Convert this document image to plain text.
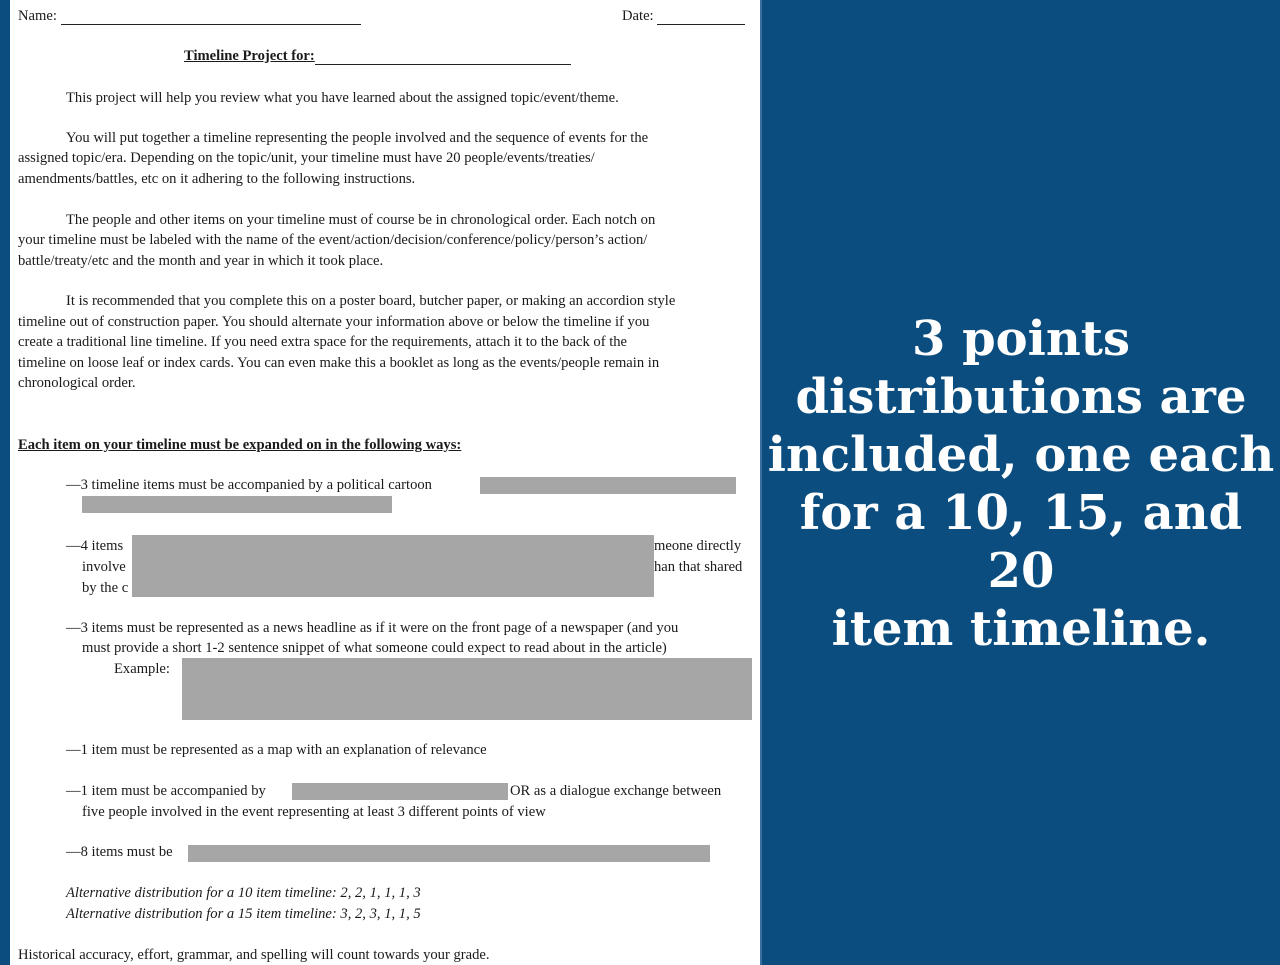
Name:	Date:
Timeline Project for:
This project will help you review what you have learned about the assigned topic/event/theme.
You will put together a timeline representing the people involved and the sequence of events for the
assigned topic/era. Depending on the topic/unit, your timeline must have 20 people/events/treaties/
amendments/battles, etc on it adhering to the following instructions.
The people and other items on your timeline must of course be in chronological order. Each notch on
your timeline must be labeled with the name of the event/action/decision/conference/policy/person’s action/
battle/treaty/etc and the month and year in which it took place.
It is recommended that you complete this on a poster board, butcher paper, or making an accordion style
timeline out of construction paper. You should alternate your information above or below the timeline if you
create a traditional line timeline. If you need extra space for the requirements, attach it to the back of the
timeline on loose leaf or index cards. You can even make this a booklet as long as the events/people remain in
chronological order.
Each item on your timeline must be expanded on in the following ways:
—3 timeline items must be accompanied by a political cartoon
—4 items
involve
by the c
meone directly
han that shared
—3 items must be represented as a news headline as if it were on the front page of a newspaper (and you
must provide a short 1-2 sentence snippet of what someone could expect to read about in the article)
Example:
—1 item must be represented as a map with an explanation of relevance
—1 item must be accompanied by	OR as a dialogue exchange between
five people involved in the event representing at least 3 different points of view
—8 items must be
Alternative distribution for a 10 item timeline: 2, 2, 1, 1, 1, 3
Alternative distribution for a 15 item timeline: 3, 2, 3, 1, 1, 5
Historical accuracy, effort, grammar, and spelling will count towards your grade.
3 points
distributions are
included, one each
for a 10, 15, and 20
item timeline.
